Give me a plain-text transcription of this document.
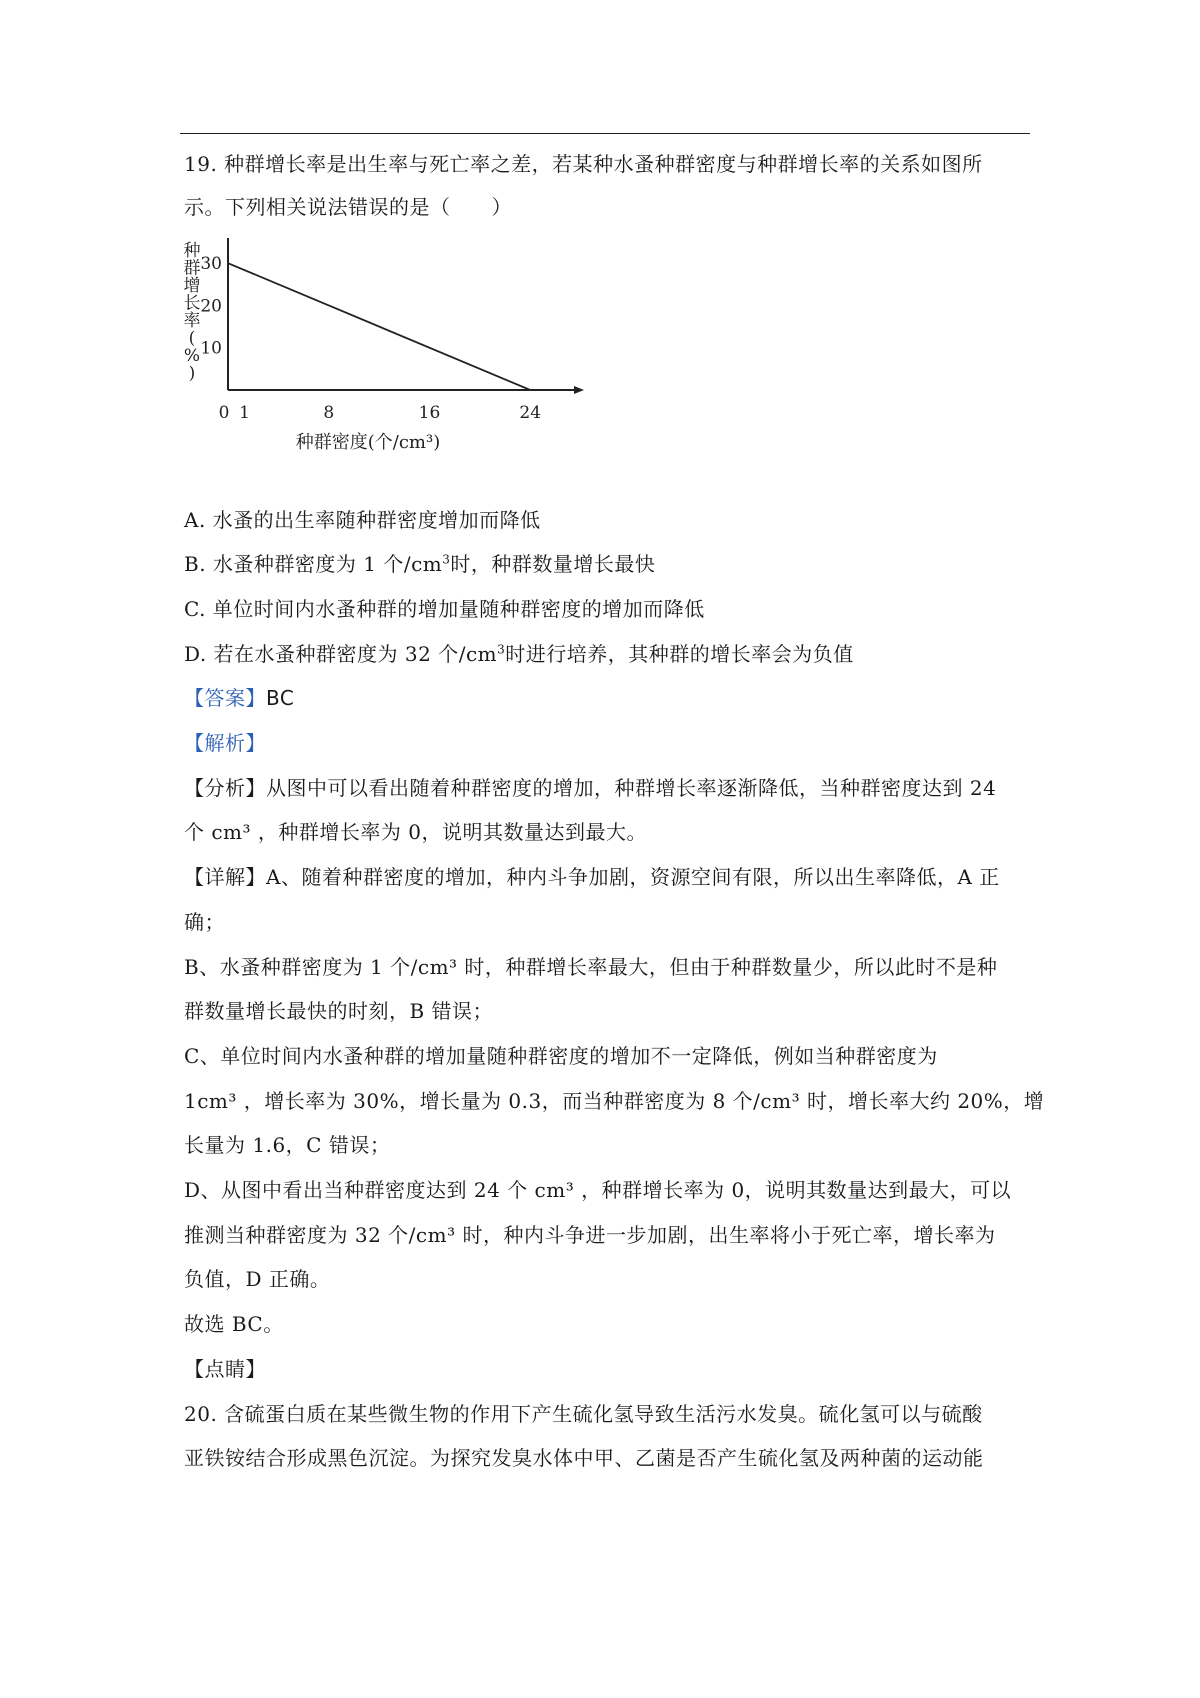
19. 种群增长率是出生率与死亡率之差，若某种水蚤种群密度与种群增长率的关系如图所
示。下列相关说法错误的是（　　）
0 1	8	16	24
10
20
30
种群密度(个/cm³)
种群增长率( % )
A. 水蚤的出生率随种群密度增加而降低
B. 水蚤种群密度为 1 个$/cm^3$时，种群数量增长最快
C. 单位时间内水蚤种群的增加量随种群密度的增加而降低
D. 若在水蚤种群密度为 32 个$/cm^3$时进行培养，其种群的增长率会为负值
【答案】BC
【解析】
【分析】从图中可以看出随着种群密度的增加，种群增长率逐渐降低，当种群密度达到 24
个 cm³ ，种群增长率为 0，说明其数量达到最大。
【详解】A、随着种群密度的增加，种内斗争加剧，资源空间有限，所以出生率降低，A 正
确；
B、水蚤种群密度为 1 个/cm³ 时，种群增长率最大，但由于种群数量少，所以此时不是种
群数量增长最快的时刻，B 错误；
C、单位时间内水蚤种群的增加量随种群密度的增加不一定降低，例如当种群密度为
1cm³ ，增长率为 30%，增长量为 0.3，而当种群密度为 8 个/cm³ 时，增长率大约 20%，增
长量为 1.6，C 错误；
D、从图中看出当种群密度达到 24 个 cm³ ，种群增长率为 0，说明其数量达到最大，可以
推测当种群密度为 32 个/cm³ 时，种内斗争进一步加剧，出生率将小于死亡率，增长率为
负值，D 正确。
故选 BC。
【点睛】
20. 含硫蛋白质在某些微生物的作用下产生硫化氢导致生活污水发臭。硫化氢可以与硫酸
亚铁铵结合形成黑色沉淀。为探究发臭水体中甲、乙菌是否产生硫化氢及两种菌的运动能
